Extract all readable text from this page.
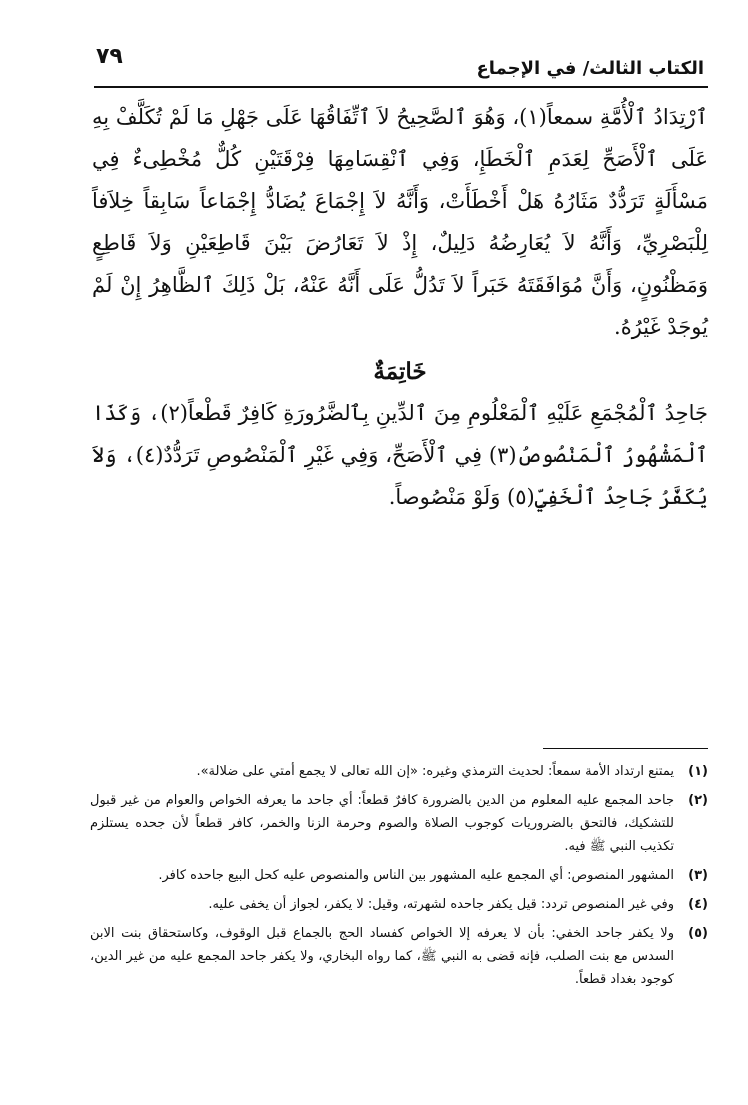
٧٩	الكتاب الثالث/ في الإجماع

ٱرْتِدَادُ ٱلْأُمَّةِ سمعاً(١)، وَهُوَ ٱلصَّحِيحُ لاَ ٱتِّفَاقُهَا عَلَى جَهْلِ مَا لَمْ تُكَلَّفْ بِهِ عَلَى ٱلْأَصَحِّ لِعَدَمِ ٱلْخَطَإِ، وَفِي ٱنْقِسَامِهَا فِرْقَتَيْنِ كُلٌّ مُخْطِىءٌ فِي مَسْأَلَةٍ تَرَدُّدٌ مَثَارُهُ هَلْ أَخْطَأَتْ، وَأَنَّهُ لاَ إِجْمَاعَ يُضَادُّ إِجْمَاعاً سَابِقاً خِلاَفاً لِلْبَصْرِيِّ، وَأَنَّهُ لاَ يُعَارِضُهُ دَلِيلٌ، إِذْ لاَ تَعَارُضَ بَيْنَ قَاطِعَيْنِ وَلاَ قَاطِعٍ وَمَظْنُونٍ، وَأَنَّ مُوَافَقَتَهُ خَبَراً لاَ تَدُلُّ عَلَى أَنَّهُ عَنْهُ، بَلْ ذَلِكَ ٱلظَّاهِرُ إِنْ لَمْ يُوجَدْ غَيْرُهُ.

خَاتِمَةٌ

جَاحِدُ ٱلْمُجْمَعِ عَلَيْهِ ٱلْمَعْلُومِ مِنَ ٱلدِّينِ بِٱلضَّرُورَةِ كَافِرٌ قَطْعاً(٢)، وَكَذَا ٱلْمَشْهُورُ ٱلْمَنْصُوصُ(٣) فِي ٱلْأَصَحِّ، وَفِي غَيْرِ ٱلْمَنْصُوصِ تَرَدُّدٌ(٤)، وَلاَ يُكَفَّرُ جَاحِدُ ٱلْخَفِيِّ(٥) وَلَوْ مَنْصُوصاً.

(١)
يمتنع ارتداد الأمة سمعاً: لحديث الترمذي وغيره: «إن الله تعالى لا يجمع أمتي على ضلالة».
(٢)
جاحد المجمع عليه المعلوم من الدين بالضرورة كافرٌ قطعاً: أي جاحد ما يعرفه الخواص والعوام من غير قبول للتشكيك، فالتحق بالضروريات كوجوب الصلاة والصوم وحرمة الزنا والخمر، كافر قطعاً لأن جحده يستلزم تكذيب النبي ﷺ فيه.
(٣)
المشهور المنصوص: أي المجمع عليه المشهور بين الناس والمنصوص عليه كحل البيع جاحده كافر.
(٤)
وفي غير المنصوص تردد: قيل يكفر جاحده لشهرته، وقيل: لا يكفر، لجواز أن يخفى عليه.
(٥)
ولا يكفر جاحد الخفي: بأن لا يعرفه إلا الخواص كفساد الحج بالجماع قبل الوقوف، وكاستحقاق بنت الابن السدس مع بنت الصلب، فإنه قضى به النبي ﷺ، كما رواه البخاري، ولا يكفر جاحد المجمع عليه من غير الدين، كوجود بغداد قطعاً.
